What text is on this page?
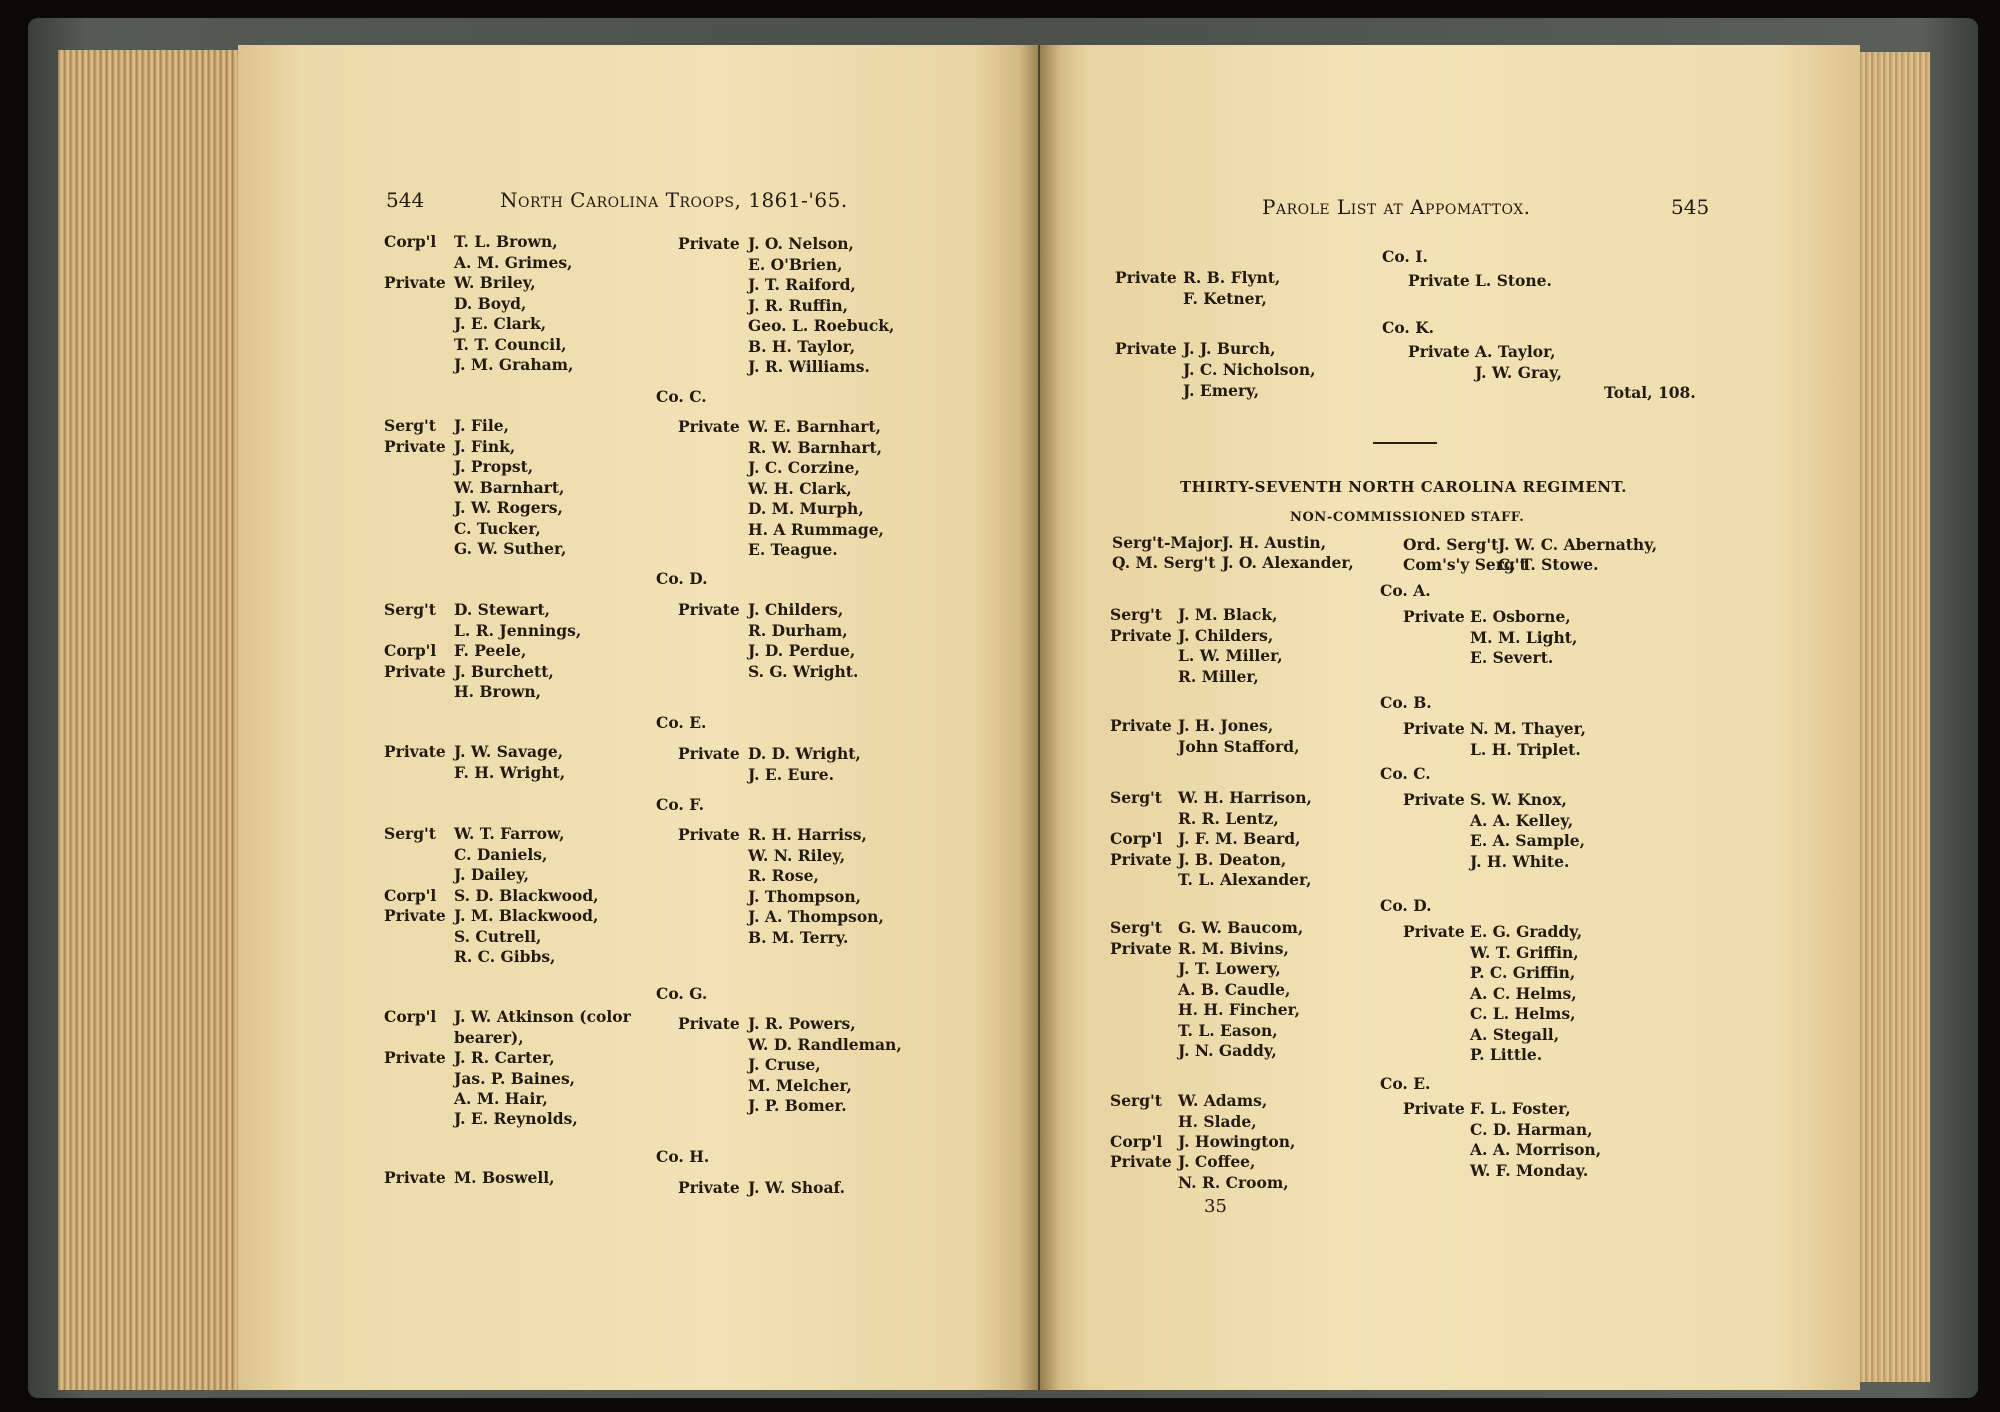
544	North Carolina Troops, 1861-'65.
Corp'l T. L. Brown,
A. M. Grimes,
Private W. Briley,
D. Boyd,
J. E. Clark,
T. T. Council,
J. M. Graham,
Serg't J. File,
Private J. Fink,
J. Propst,
W. Barnhart,
J. W. Rogers,
C. Tucker,
G. W. Suther,
Serg't D. Stewart,
L. R. Jennings,
Corp'l F. Peele,
Private J. Burchett,
H. Brown,
Private J. W. Savage,
F. H. Wright,
Serg't W. T. Farrow,
C. Daniels,
J. Dailey,
Corp'l S. D. Blackwood,
Private J. M. Blackwood,
S. Cutrell,
R. C. Gibbs,
Corp'l J. W. Atkinson (color
bearer),
Private J. R. Carter,
Jas. P. Baines,
A. M. Hair,
J. E. Reynolds,
Private M. Boswell,
Private J. O. Nelson,
E. O'Brien,
J. T. Raiford,
J. R. Ruffin,
Geo. L. Roebuck,
B. H. Taylor,
J. R. Williams.
Co. C.
Private W. E. Barnhart,
R. W. Barnhart,
J. C. Corzine,
W. H. Clark,
D. M. Murph,
H. A Rummage,
E. Teague.
Co. D.
Private J. Childers,
R. Durham,
J. D. Perdue,
S. G. Wright.
Co. E.
Private D. D. Wright,
J. E. Eure.
Co. F.
Private R. H. Harriss,
W. N. Riley,
R. Rose,
J. Thompson,
J. A. Thompson,
B. M. Terry.
Co. G.
Private J. R. Powers,
W. D. Randleman,
J. Cruse,
M. Melcher,
J. P. Bomer.
Co. H.
Private J. W. Shoaf.
Parole List at Appomattox.	545
Total, 108.
THIRTY-SEVENTH NORTH CAROLINA REGIMENT.
NON-COMMISSIONED STAFF.
35
Private R. B. Flynt,
F. Ketner,
Private J. J. Burch,
J. C. Nicholson,
J. Emery,
Co. I.
Private L. Stone.
Co. K.
Private A. Taylor,
J. W. Gray,
Serg't-Major J. H. Austin,
Q. M. Serg't J. O. Alexander,
Ord. Serg't J. W. C. Abernathy,
Com's'y Serg't
C. T. Stowe.
Serg't J. M. Black,
Private J. Childers,
L. W. Miller,
R. Miller,
Private J. H. Jones,
John Stafford,
Serg't W. H. Harrison,
R. R. Lentz,
Corp'l J. F. M. Beard,
Private J. B. Deaton,
T. L. Alexander,
Serg't G. W. Baucom,
Private R. M. Bivins,
J. T. Lowery,
A. B. Caudle,
H. H. Fincher,
T. L. Eason,
J. N. Gaddy,
Serg't W. Adams,
H. Slade,
Corp'l J. Howington,
Private J. Coffee,
N. R. Croom,
Co. A.
Private E. Osborne,
M. M. Light,
E. Severt.
Co. B.
Private N. M. Thayer,
L. H. Triplet.
Co. C.
Private S. W. Knox,
A. A. Kelley,
E. A. Sample,
J. H. White.
Co. D.
Private E. G. Graddy,
W. T. Griffin,
P. C. Griffin,
A. C. Helms,
C. L. Helms,
A. Stegall,
P. Little.
Co. E.
Private F. L. Foster,
C. D. Harman,
A. A. Morrison,
W. F. Monday.
